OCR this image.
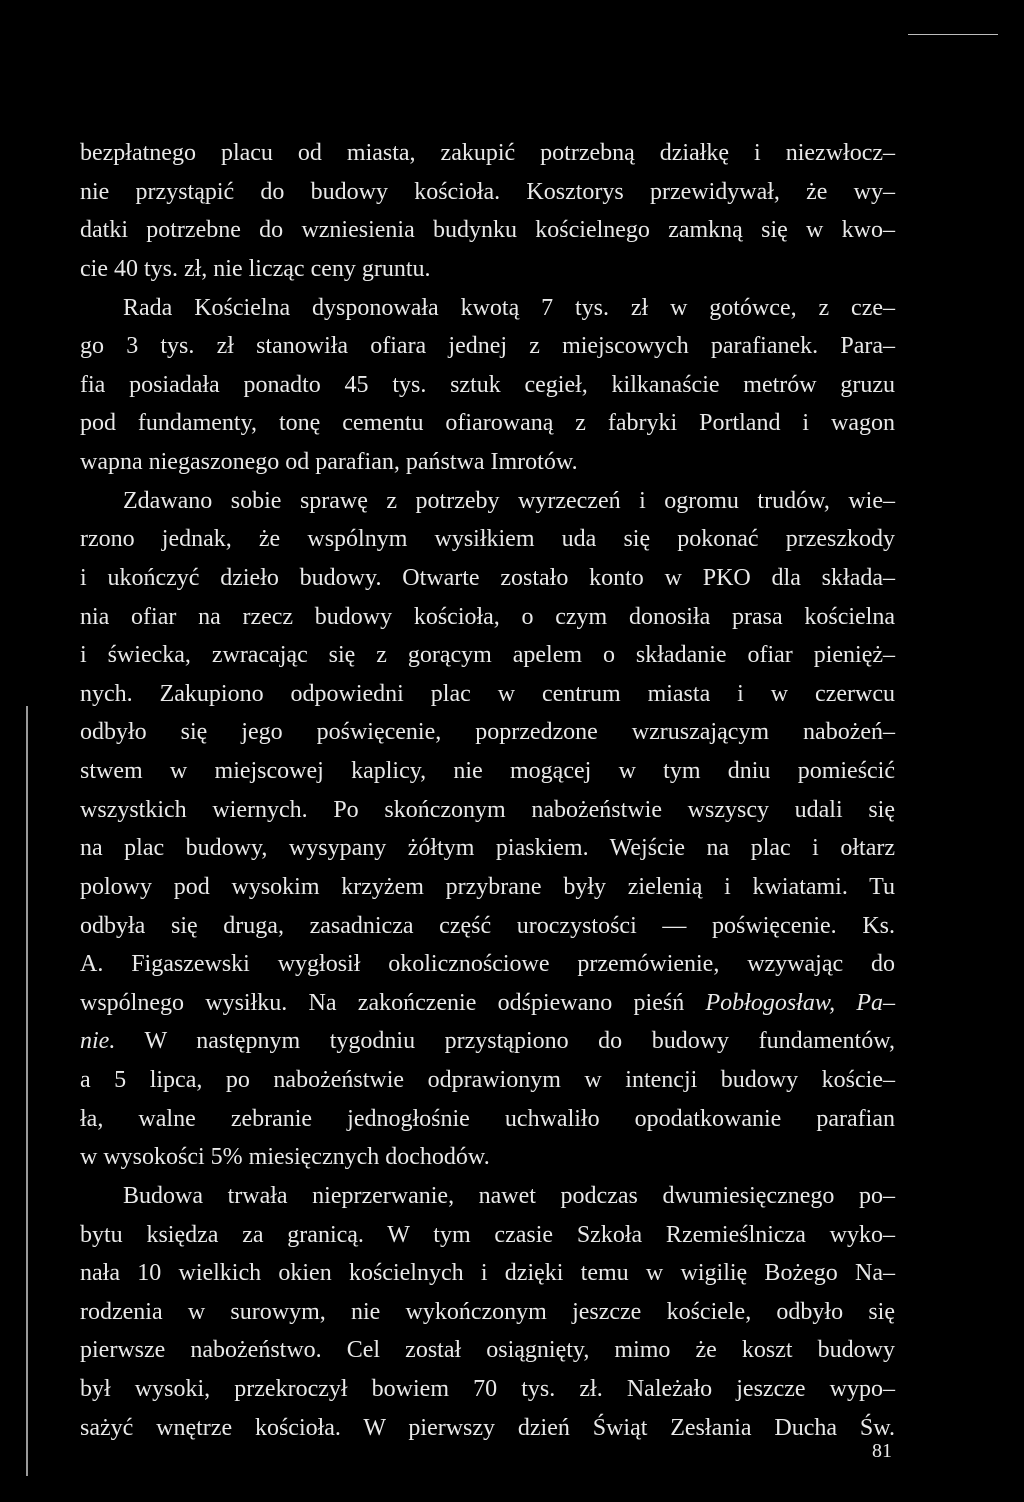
bezpłatnego placu od miasta, zakupić potrzebną działkę i niezwłocz–
nie przystąpić do budowy kościoła. Kosztorys przewidywał, że wy–
datki potrzebne do wzniesienia budynku kościelnego zamkną się w kwo–
cie 40 tys. zł, nie licząc ceny gruntu.
Rada Kościelna dysponowała kwotą 7 tys. zł w gotówce, z cze–
go 3 tys. zł stanowiła ofiara jednej z miejscowych parafianek. Para–
fia posiadała ponadto 45 tys. sztuk cegieł, kilkanaście metrów gruzu
pod fundamenty, tonę cementu ofiarowaną z fabryki Portland i wagon
wapna niegaszonego od parafian, państwa Imrotów.
Zdawano sobie sprawę z potrzeby wyrzeczeń i ogromu trudów, wie–
rzono jednak, że wspólnym wysiłkiem uda się pokonać przeszkody
i ukończyć dzieło budowy. Otwarte zostało konto w PKO dla składa–
nia ofiar na rzecz budowy kościoła, o czym donosiła prasa kościelna
i świecka, zwracając się z gorącym apelem o składanie ofiar pienięż–
nych. Zakupiono odpowiedni plac w centrum miasta i w czerwcu
odbyło się jego poświęcenie, poprzedzone wzruszającym nabożeń–
stwem w miejscowej kaplicy, nie mogącej w tym dniu pomieścić
wszystkich wiernych. Po skończonym nabożeństwie wszyscy udali się
na plac budowy, wysypany żółtym piaskiem. Wejście na plac i ołtarz
polowy pod wysokim krzyżem przybrane były zielenią i kwiatami. Tu
odbyła się druga, zasadnicza część uroczystości — poświęcenie. Ks.
A. Figaszewski wygłosił okolicznościowe przemówienie, wzywając do
wspólnego wysiłku. Na zakończenie odśpiewano pieśń Pobłogosław, Pa–
nie. W następnym tygodniu przystąpiono do budowy fundamentów,
a 5 lipca, po nabożeństwie odprawionym w intencji budowy koście–
ła, walne zebranie jednogłośnie uchwaliło opodatkowanie parafian
w wysokości 5% miesięcznych dochodów.
Budowa trwała nieprzerwanie, nawet podczas dwumiesięcznego po–
bytu księdza za granicą. W tym czasie Szkoła Rzemieślnicza wyko–
nała 10 wielkich okien kościelnych i dzięki temu w wigilię Bożego Na–
rodzenia w surowym, nie wykończonym jeszcze kościele, odbyło się
pierwsze nabożeństwo. Cel został osiągnięty, mimo że koszt budowy
był wysoki, przekroczył bowiem 70 tys. zł. Należało jeszcze wypo–
sażyć wnętrze kościoła. W pierwszy dzień Świąt Zesłania Ducha Św.
81
